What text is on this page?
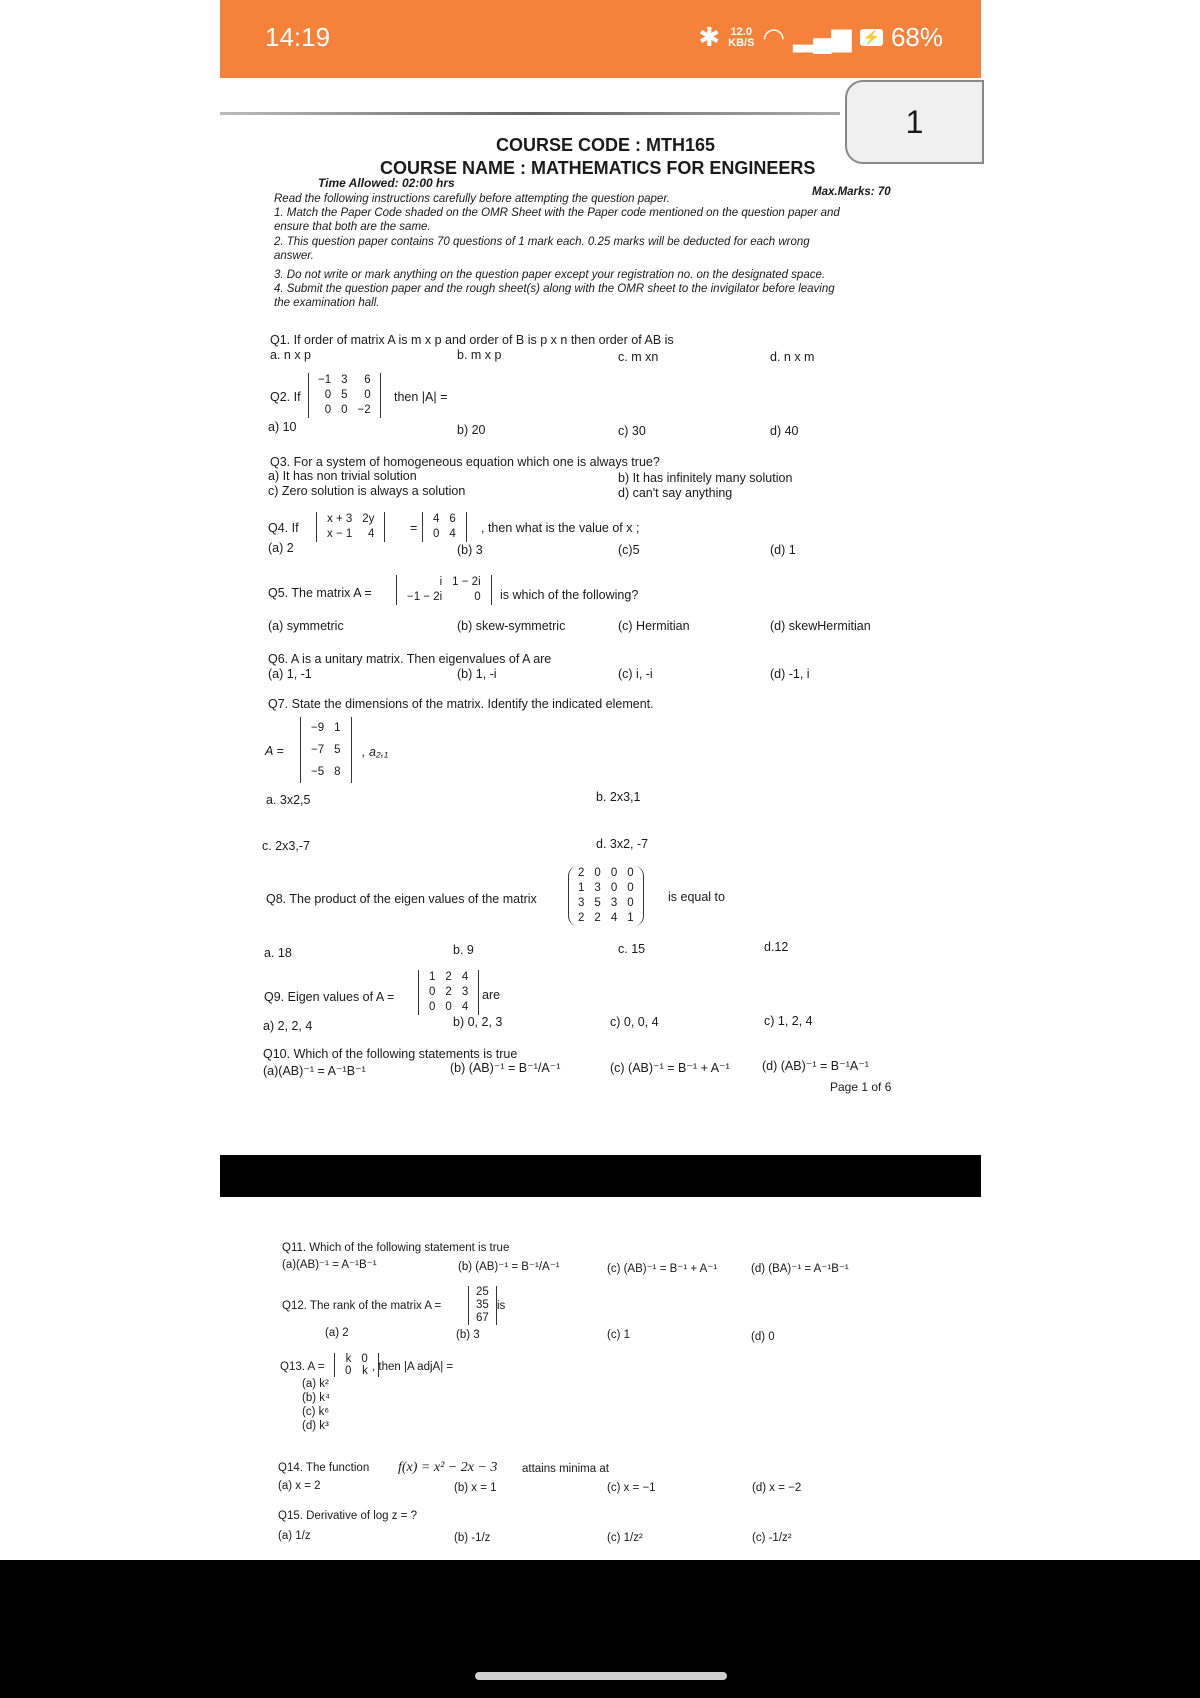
14:19	✱ 12.0
KB/S ◠ ▂▄▆ ⚡ 68%
1
COURSE CODE : MTH165
COURSE NAME : MATHEMATICS FOR ENGINEERS
Time Allowed: 02:00 hrs
Max.Marks: 70
Read the following instructions carefully before attempting the question paper.
1. Match the Paper Code shaded on the OMR Sheet with the Paper code mentioned on the question paper and
ensure that both are the same.
2. This question paper contains 70 questions of 1 mark each. 0.25 marks will be deducted for each wrong
answer.
3. Do not write or mark anything on the question paper except your registration no. on the designated space.
4. Submit the question paper and the rough sheet(s) along with the OMR sheet to the invigilator before leaving
the examination hall.
Q1. If order of matrix A is m x p and order of B is p x n then order of AB is
a. n x p	b. m x p	c. m xn	d. n x m
Q2. If
−1	3	6
0	5	0
0	0	−2
then |A| =
a) 10	b) 20	c) 30	d) 40
Q3. For a system of homogeneous equation which one is always true?
a) It has non trivial solution	b) It has infinitely many solution
c) Zero solution is always a solution	d) can't say anything
Q4. If
x + 3	2y
x − 1	4	=
4	6
0	4 , then what is the value of x ;
(a) 2	(b) 3	(c)5	(d) 1
Q5. The matrix A =
i	1 − 2i
−1 − 2i	0 is which of the following?
(a) symmetric	(b) skew-symmetric	(c) Hermitian	(d) skewHermitian
Q6. A is a unitary matrix. Then eigenvalues of A are
(a) 1, -1	(b) 1, -i	(c) i, -i	(d) -1, i
Q7. State the dimensions of the matrix. Identify the indicated element.
A =
−9	1
−7	5
−5	8
, a₂,₁
a. 3x2,5	b. 2x3,1
c. 2x3,-7	d. 3x2, -7
Q8. The product of the eigen values of the matrix
2	0	0	0
1	3	0	0
3	5	3	0
2	2	4	1
is equal to
a. 18	b. 9	c. 15	d.12
Q9. Eigen values of A =
1	2	4
0	2	3
0	0	4
are
a) 2, 2, 4	b) 0, 2, 3	c) 0, 0, 4	c) 1, 2, 4
Q10. Which of the following statements is true
(a)(AB)⁻¹ = A⁻¹B⁻¹	(b) (AB)⁻¹ = B⁻¹/A⁻¹	(c) (AB)⁻¹ = B⁻¹ + A⁻¹	(d) (AB)⁻¹ = B⁻¹A⁻¹
Page 1 of 6
Q11. Which of the following statement is true
(a)(AB)⁻¹ = A⁻¹B⁻¹	(b) (AB)⁻¹ = B⁻¹/A⁻¹	(c) (AB)⁻¹ = B⁻¹ + A⁻¹	(d) (BA)⁻¹ = A⁻¹B⁻¹
Q12. The rank of the matrix A =
25
35
67
is
(a) 2	(b) 3	(c) 1	(d) 0
Q13. A =
k	0
0	k , then |A adjA| =
(a) k²
(b) k⁴
(c) k⁶
(d) k³
Q14. The function f(x) = x² − 2x − 3 attains minima at
(a) x = 2	(b) x = 1	(c) x = −1	(d) x = −2
Q15. Derivative of log z = ?
(a) 1/z	(b) -1/z	(c) 1/z²	(c) -1/z²
